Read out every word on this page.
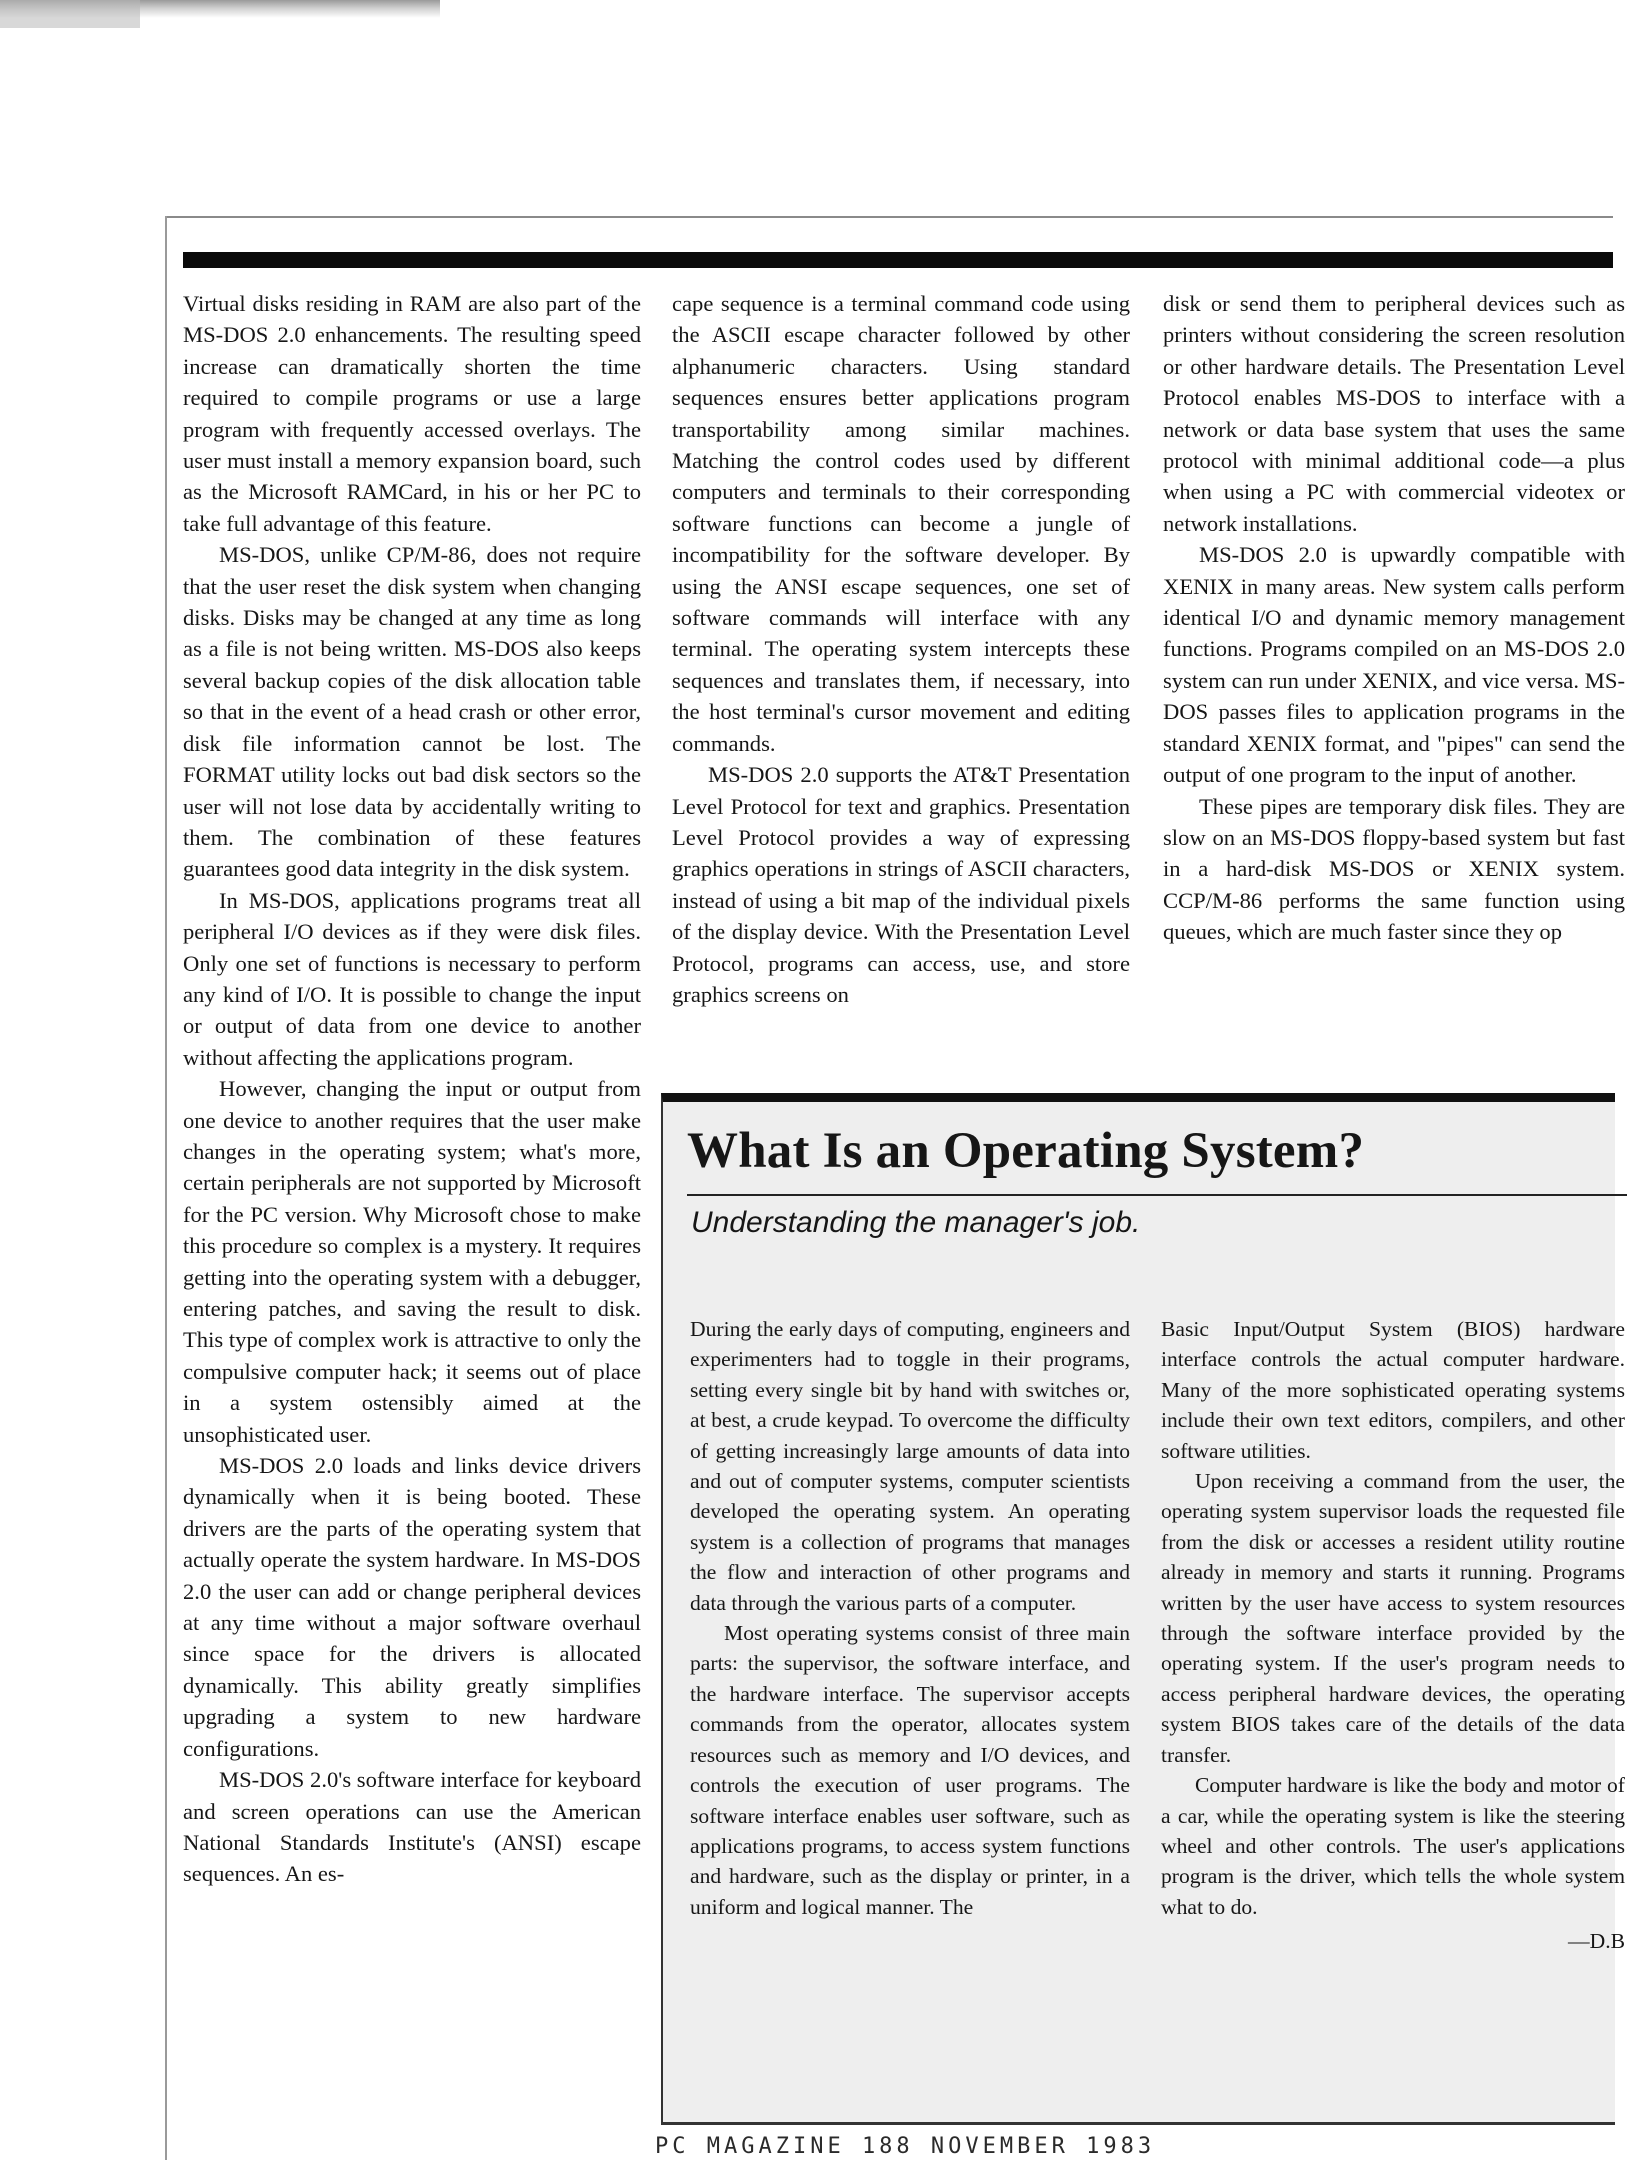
Virtual disks residing in RAM are also part of the MS-DOS 2.0 enhancements. The resulting speed increase can dramatically shorten the time required to compile programs or use a large program with frequently accessed overlays. The user must install a memory expansion board, such as the Microsoft RAMCard, in his or her PC to take full advantage of this feature.

MS-DOS, unlike CP/M-86, does not require that the user reset the disk system when changing disks. Disks may be changed at any time as long as a file is not being written. MS-DOS also keeps several backup copies of the disk allocation table so that in the event of a head crash or other error, disk file information cannot be lost. The FORMAT utility locks out bad disk sectors so the user will not lose data by accidentally writing to them. The combination of these features guarantees good data integrity in the disk system.

In MS-DOS, applications programs treat all peripheral I/O devices as if they were disk files. Only one set of functions is necessary to perform any kind of I/O. It is possible to change the input or output of data from one device to another without affecting the applications program.

However, changing the input or output from one device to another requires that the user make changes in the operating system; what's more, certain peripherals are not supported by Microsoft for the PC version. Why Microsoft chose to make this procedure so complex is a mystery. It requires getting into the operating system with a debugger, entering patches, and saving the result to disk. This type of complex work is attractive to only the compulsive computer hack; it seems out of place in a system ostensibly aimed at the unsophisticated user.

MS-DOS 2.0 loads and links device drivers dynamically when it is being booted. These drivers are the parts of the operating system that actually operate the system hardware. In MS-DOS 2.0 the user can add or change peripheral devices at any time without a major software overhaul since space for the drivers is allocated dynamically. This ability greatly simplifies upgrading a system to new hardware configurations.

MS-DOS 2.0's software interface for keyboard and screen operations can use the American National Standards Institute's (ANSI) escape sequences. An es-

cape sequence is a terminal command code using the ASCII escape character followed by other alphanumeric characters. Using standard sequences ensures better applications program transportability among similar machines. Matching the control codes used by different computers and terminals to their corresponding software functions can become a jungle of incompatibility for the software developer. By using the ANSI escape sequences, one set of software commands will interface with any terminal. The operating system intercepts these sequences and translates them, if necessary, into the host terminal's cursor movement and editing commands.

MS-DOS 2.0 supports the AT&T Presentation Level Protocol for text and graphics. Presentation Level Protocol provides a way of expressing graphics operations in strings of ASCII characters, instead of using a bit map of the individual pixels of the display device. With the Presentation Level Protocol, programs can access, use, and store graphics screens on

disk or send them to peripheral devices such as printers without considering the screen resolution or other hardware details. The Presentation Level Protocol enables MS-DOS to interface with a network or data base system that uses the same protocol with minimal additional code—a plus when using a PC with commercial videotex or network installations.

MS-DOS 2.0 is upwardly compatible with XENIX in many areas. New system calls perform identical I/O and dynamic memory management functions. Programs compiled on an MS-DOS 2.0 system can run under XENIX, and vice versa. MS-DOS passes files to application programs in the standard XENIX format, and "pipes" can send the output of one program to the input of another.

These pipes are temporary disk files. They are slow on an MS-DOS floppy-based system but fast in a hard-disk MS-DOS or XENIX system. CCP/M-86 performs the same function using queues, which are much faster since they op

What Is an Operating System?
Understanding the manager's job.

During the early days of computing, engineers and experimenters had to toggle in their programs, setting every single bit by hand with switches or, at best, a crude keypad. To overcome the difficulty of getting increasingly large amounts of data into and out of computer systems, computer scientists developed the operating system. An operating system is a collection of programs that manages the flow and interaction of other programs and data through the various parts of a computer.

Most operating systems consist of three main parts: the supervisor, the software interface, and the hardware interface. The supervisor accepts commands from the operator, allocates system resources such as memory and I/O devices, and controls the execution of user programs. The software interface enables user software, such as applications programs, to access system functions and hardware, such as the display or printer, in a uniform and logical manner. The

Basic Input/Output System (BIOS) hardware interface controls the actual computer hardware. Many of the more sophisticated operating systems include their own text editors, compilers, and other software utilities.

Upon receiving a command from the user, the operating system supervisor loads the requested file from the disk or accesses a resident utility routine already in memory and starts it running. Programs written by the user have access to system resources through the software interface provided by the operating system. If the user's program needs to access peripheral hardware devices, the operating system BIOS takes care of the details of the data transfer.

Computer hardware is like the body and motor of a car, while the operating system is like the steering wheel and other controls. The user's applications program is the driver, which tells the whole system what to do.

—D.B

PC MAGAZINE 188 NOVEMBER 1983
